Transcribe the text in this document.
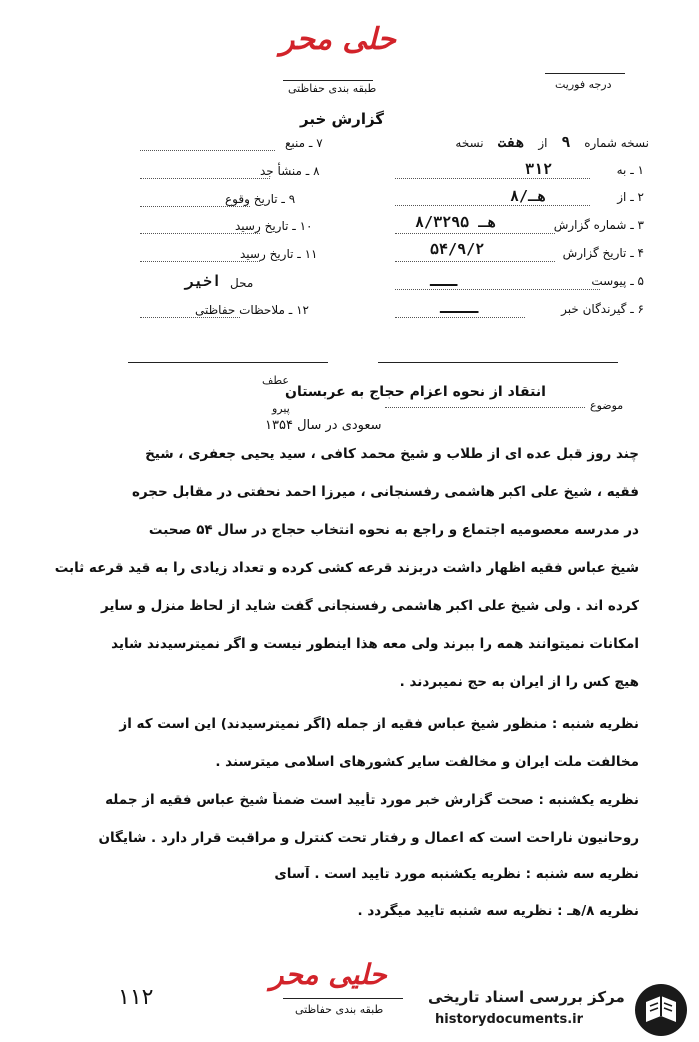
حلی محر
طبقه بندی حفاظتی	درجه فوریت
گزارش خبر
نسخه شماره ۹ از هفت نسخه
۱ ـ به
۳۱۲
۲ ـ از
۸/هـ
۳ ـ شماره گزارش
۸/هـ ۳۲۹۵
۴ ـ تاریخ گزارش
۵۴/۹/۲
۵ ـ پیوست
ـــــ
۶ ـ گیرندگان خبر
ـــــــ
۷ ـ منبع
۸ ـ منشأ جد
۹ ـ تاریخ وقوع
۱۰ ـ تاریخ رسید
۱۱ ـ تاریخ رسید
محل
اخیر
۱۲ ـ ملاحظات حفاظتی
موضوع
انتقاد از نحوه اعزام حجاج به عربستان
عطف
پیرو
سعودی در سال ۱۳۵۴
چند روز قبل عده ای از طلاب و شیخ محمد کافی ، سید یحیی جعفری ، شیخ
فقیه ، شیخ علی اکبر هاشمی رفسنجانی ، میرزا احمد نحفتی در مقابل حجره
در مدرسه معصومیه اجتماع و راجع به نحوه انتخاب حجاج در سال ۵۴ صحبت
شیخ عباس فقیه اظهار داشت دربزند قرعه کشی کرده و تعداد زیادی را به قید قرعه ثابت
کرده اند . ولی شیخ علی اکبر هاشمی رفسنجانی گفت شاید از لحاظ منزل و سایر
امکانات نمیتوانند همه را ببرند ولی معه هذا اینطور نیست و اگر نمیترسیدند شاید
هیچ کس را از ایران به حج نمیبردند .
نظریه شنبه : منظور شیخ عباس فقیه از جمله (اگر نمیترسیدند) این است که از
مخالفت ملت ایران و مخالفت سایر کشورهای اسلامی میترسند .
نظریه یکشنبه : صحت گزارش خبر مورد تأیید است ضمناً شیخ عباس فقیه از جمله
روحانیون ناراحت است که اعمال و رفتار تحت کنترل و مراقبت قرار دارد . شایگان
نظریه سه شنبه : نظریه یکشنبه مورد تایید است . آسای
نظریه ۸/هـ : نظریه سه شنبه تایید میگردد .
حلیی محر
طبقه بندی حفاظتی
۱۱۲	مرکز بررسی اسناد تاریخی
historydocuments.ir
